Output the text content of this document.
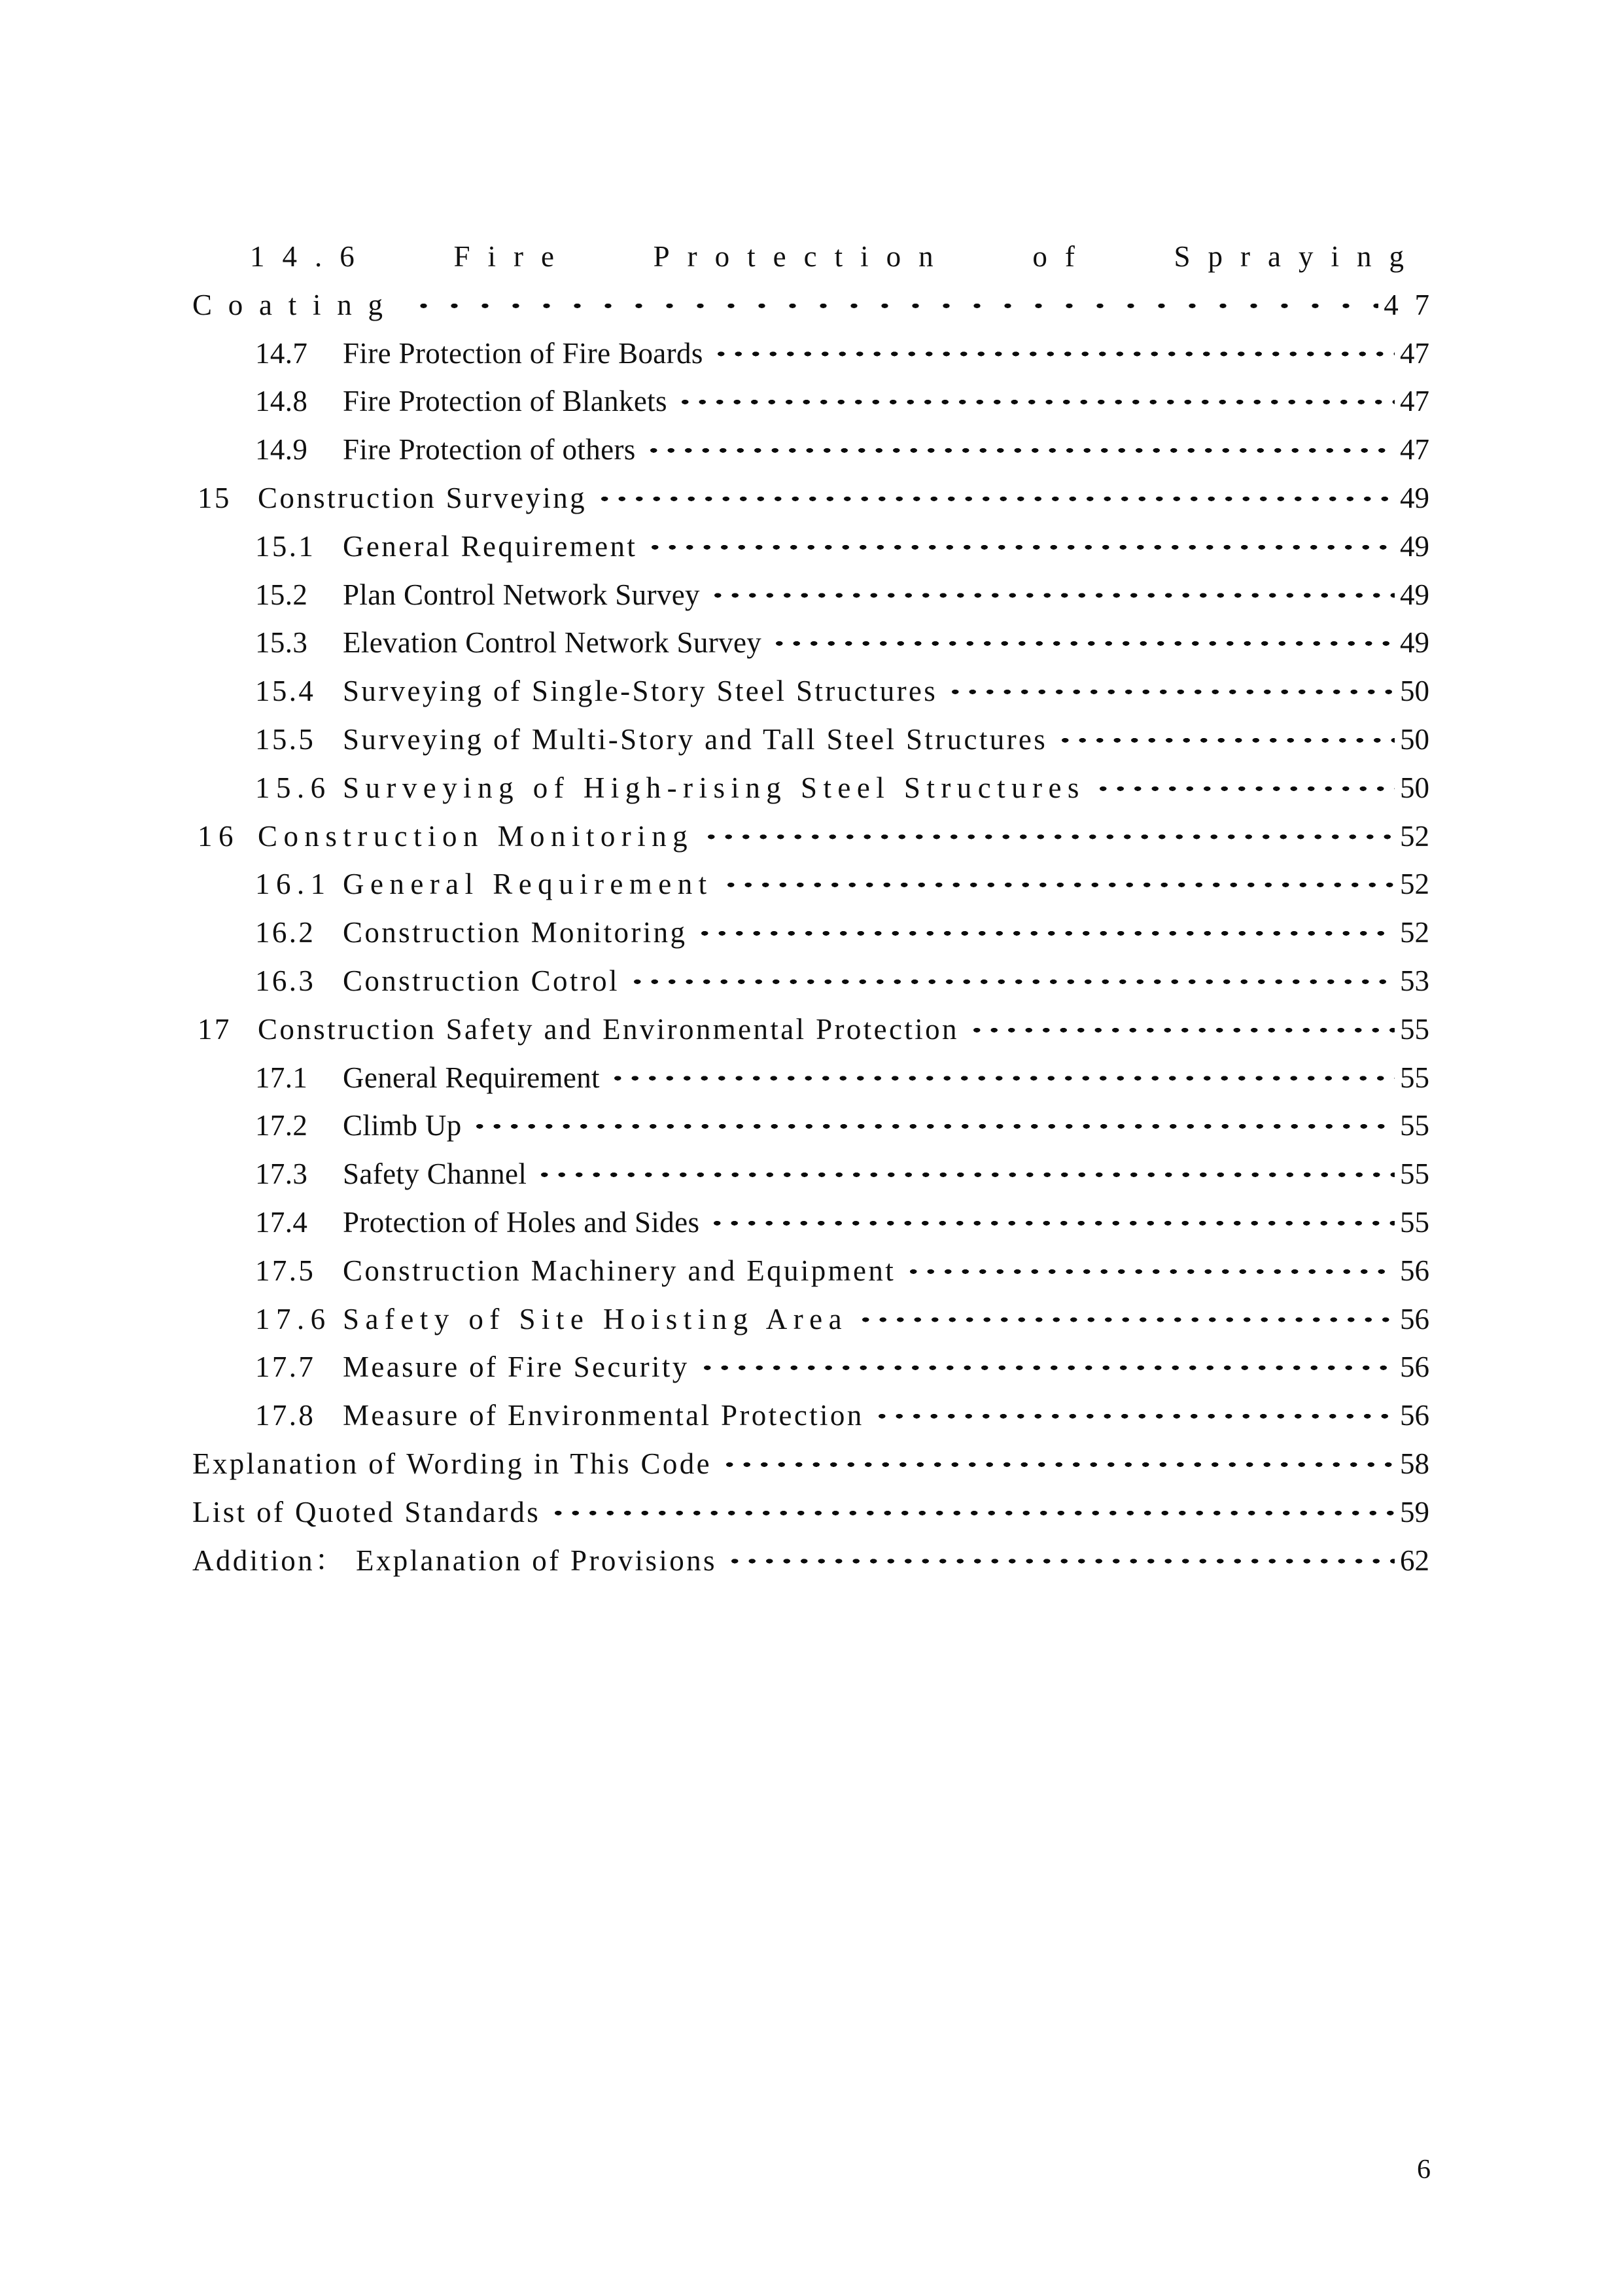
14.6	Fire Protection of Spraying
Coating	47
14.7	Fire Protection of Fire Boards	47
14.8	Fire Protection of Blankets	47
14.9	Fire Protection of others	47
15 Construction Surveying	49
15.1 General Requirement	49
15.2	Plan Control Network Survey	49
15.3	Elevation Control Network Survey	49
15.4 Surveying of Single-Story Steel Structures	50
15.5 Surveying of Multi-Story and Tall Steel Structures	50
15.6 Surveying of High-rising Steel Structures	50
16 Construction Monitoring	52
16.1 General Requirement	52
16.2 Construction Monitoring	52
16.3 Construction Cotrol	53
17 Construction Safety and Environmental Protection	55
17.1	General Requirement	55
17.2	Climb Up	55
17.3	Safety Channel	55
17.4	Protection of Holes and Sides	55
17.5 Construction Machinery and Equipment	56
17.6 Safety of Site Hoisting Area	56
17.7 Measure of Fire Security	56
17.8 Measure of Environmental Protection	56
Explanation of Wording in This Code	58
List of Quoted Standards	59
Addition： Explanation of Provisions	62
6
